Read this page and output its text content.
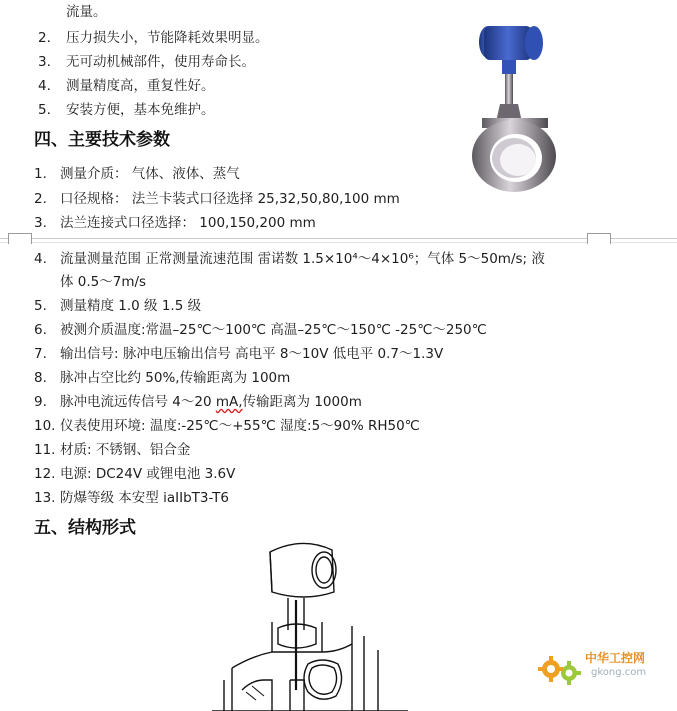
流量。
2. 压力损失小，节能降耗效果明显。
3. 无可动机械部件，使用寿命长。
4. 测量精度高，重复性好。
5. 安装方便，基本免维护。
四、主要技术参数
1. 测量介质： 气体、液体、蒸气
2. 口径规格： 法兰卡装式口径选择 25,32,50,80,100 mm
3. 法兰连接式口径选择： 100,150,200 mm
4. 流量测量范围 正常测量流速范围 雷诺数 1.5×10⁴～4×10⁶；气体 5～50m/s; 液
体 0.5～7m/s
5. 测量精度 1.0 级 1.5 级
6. 被测介质温度:常温–25℃～100℃ 高温–25℃～150℃ -25℃～250℃
7. 输出信号: 脉冲电压输出信号 高电平 8～10V 低电平 0.7～1.3V
8. 脉冲占空比约 50%,传输距离为 100m
9. 脉冲电流远传信号 4～20 mA,传输距离为 1000m
10. 仪表使用环境: 温度:-25℃～+55℃ 湿度:5～90% RH50℃
11. 材质: 不锈钢、铝合金
12. 电源: DC24V 或锂电池 3.6V
13. 防爆等级 本安型 iaIIbT3-T6
五、结构形式
中华工控网
gkong.com
